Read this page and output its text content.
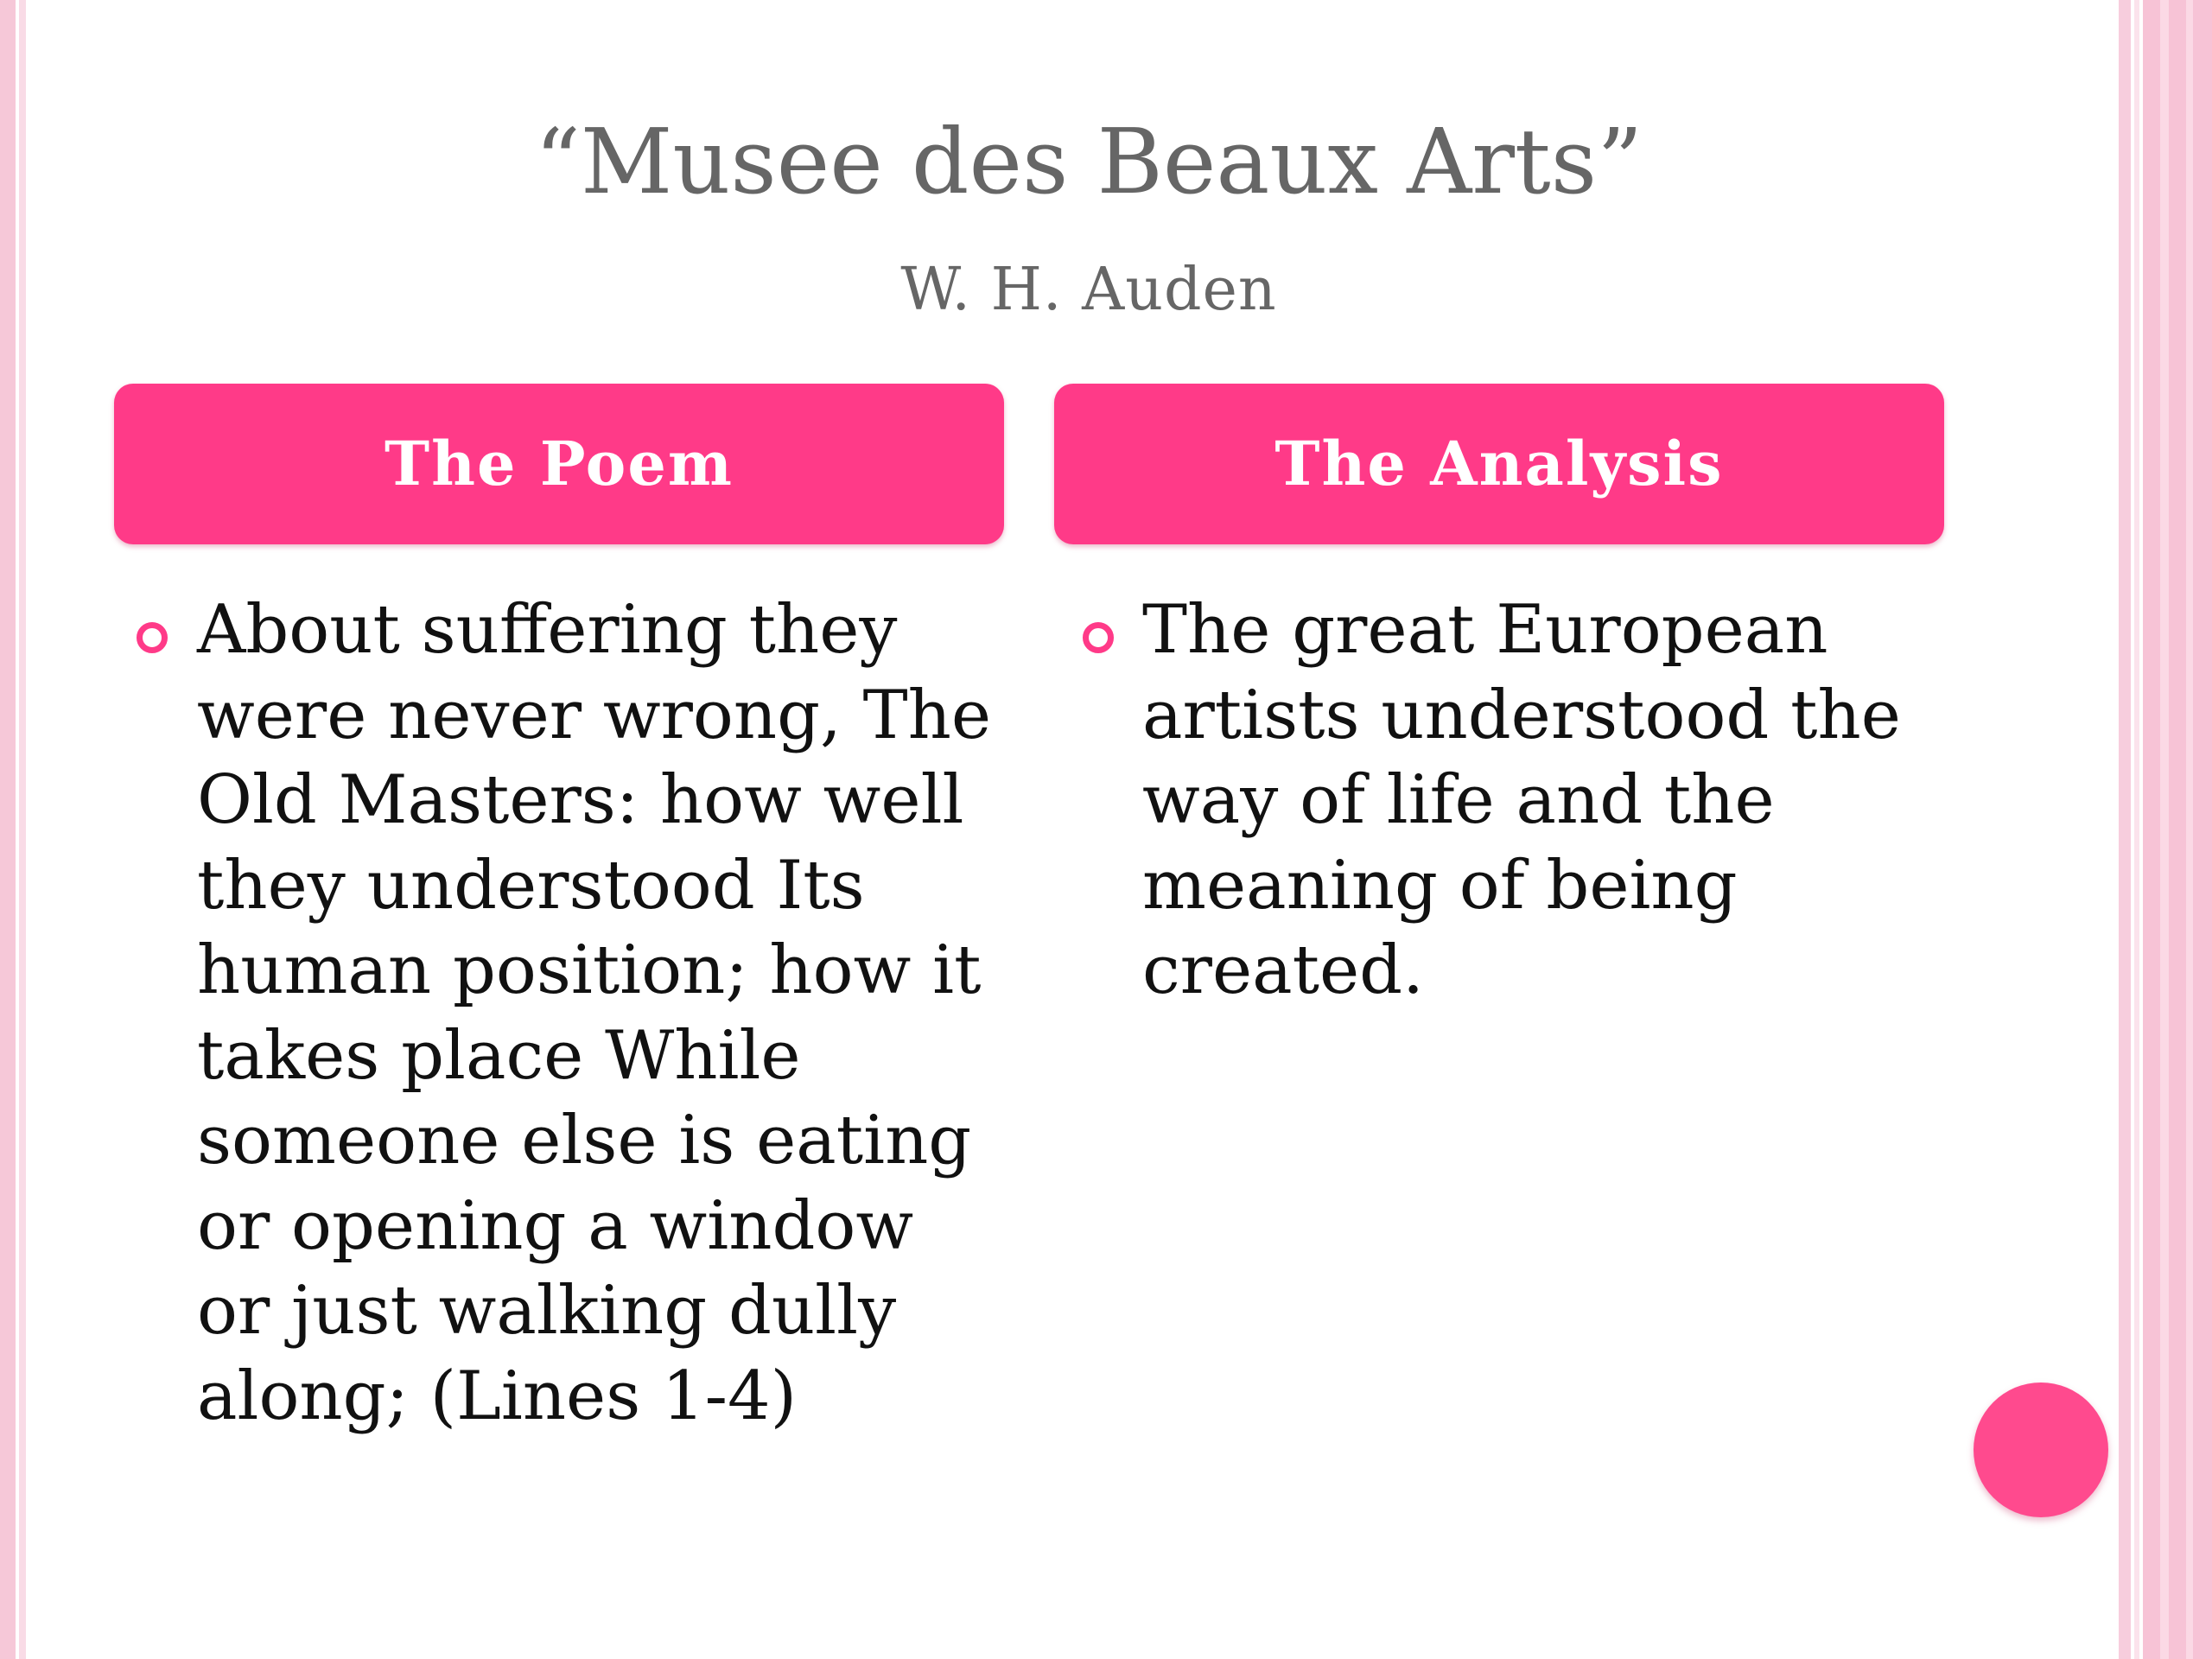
“Musee des Beaux Arts”
W. H. Auden
The Poem	The Analysis
About suffering they were never wrong, The Old Masters: how well they understood Its human position; how it takes place While someone else is eating or opening a window or just walking dully along; (Lines 1-4)
The great European artists understood the way of life and the meaning of being created.
